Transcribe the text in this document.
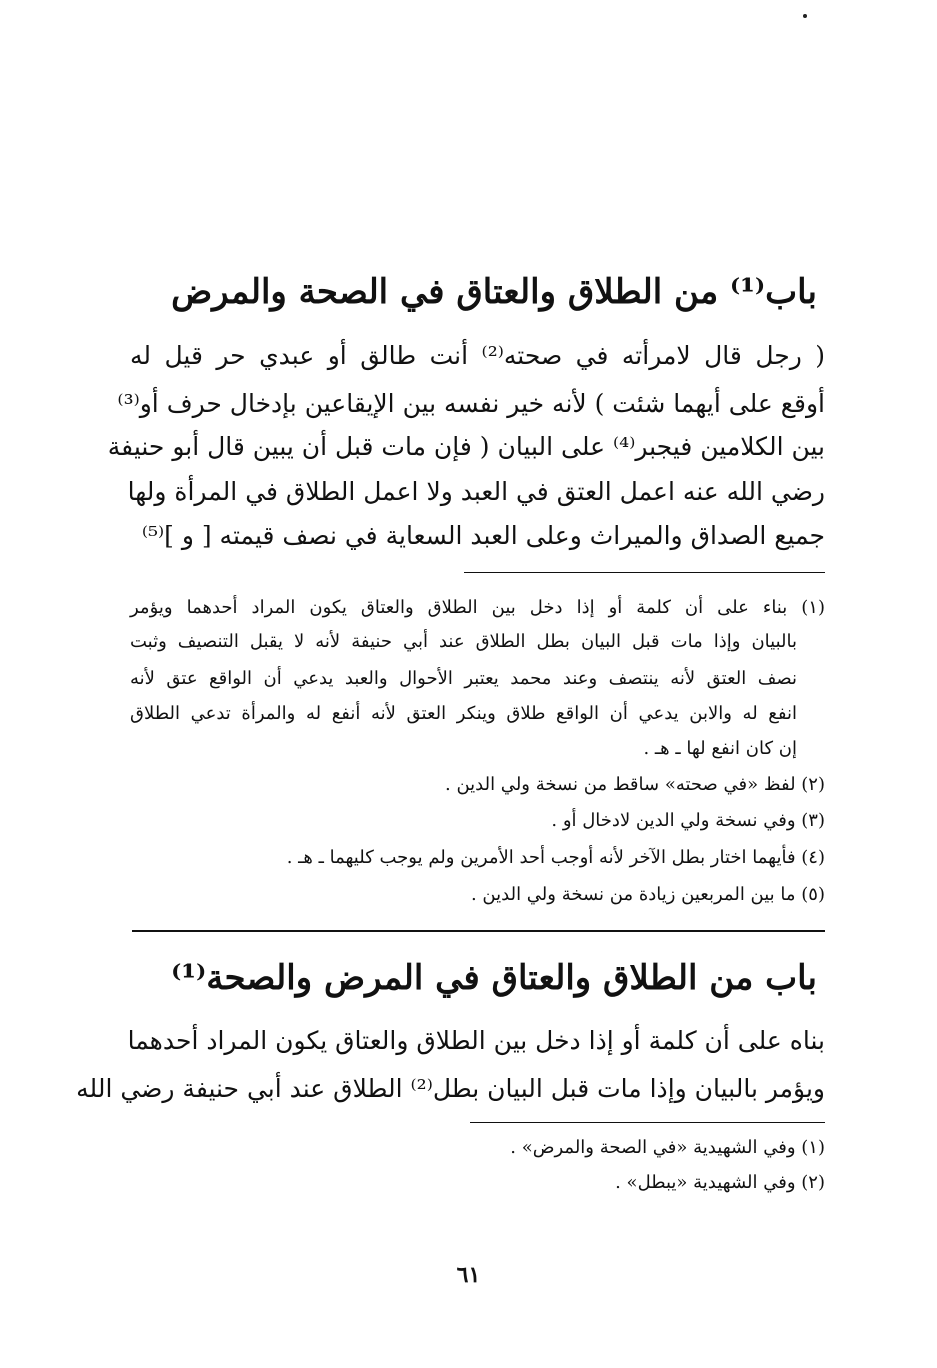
باب⁽¹⁾ من الطلاق والعتاق في الصحة والمرض
( رجل قال لامرأته في صحته⁽²⁾ أنت طالق أو عبدي حر قيل له
أوقع على أيهما شئت ) لأنه خير نفسه بين الإيقاعين بإدخال حرف أو⁽³⁾
بين الكلامين فيجبر⁽⁴⁾ على البيان ( فإن مات قبل أن يبين قال أبو حنيفة
رضي الله عنه اعمل العتق في العبد ولا اعمل الطلاق في المرأة ولها
جميع الصداق والميراث وعلى العبد السعاية في نصف قيمته [ و ]⁽⁵⁾
(١) بناء على أن كلمة أو إذا دخل بين الطلاق والعتاق يكون المراد أحدهما ويؤمر
بالبيان وإذا مات قبل البيان بطل الطلاق عند أبي حنيفة لأنه لا يقبل التنصيف وثبت
نصف العتق لأنه ينتصف وعند محمد يعتبر الأحوال والعبد يدعي أن الواقع عتق لأنه
انفع له والابن يدعي أن الواقع طلاق وينكر العتق لأنه أنفع له والمرأة تدعي الطلاق
إن كان انفع لها ـ هـ .
(٢) لفظ «في صحته» ساقط من نسخة ولي الدين .
(٣) وفي نسخة ولي الدين لادخال أو .
(٤) فأيهما اختار بطل الآخر لأنه أوجب أحد الأمرين ولم يوجب كليهما ـ هـ .
(٥) ما بين المربعين زيادة من نسخة ولي الدين .
باب من الطلاق والعتاق في المرض والصحة⁽¹⁾
بناه على أن كلمة أو إذا دخل بين الطلاق والعتاق يكون المراد أحدهما
ويؤمر بالبيان وإذا مات قبل البيان بطل⁽²⁾ الطلاق عند أبي حنيفة رضي الله
(١) وفي الشهيدية «في الصحة والمرض» .
(٢) وفي الشهيدية «يبطل» .
٦١
